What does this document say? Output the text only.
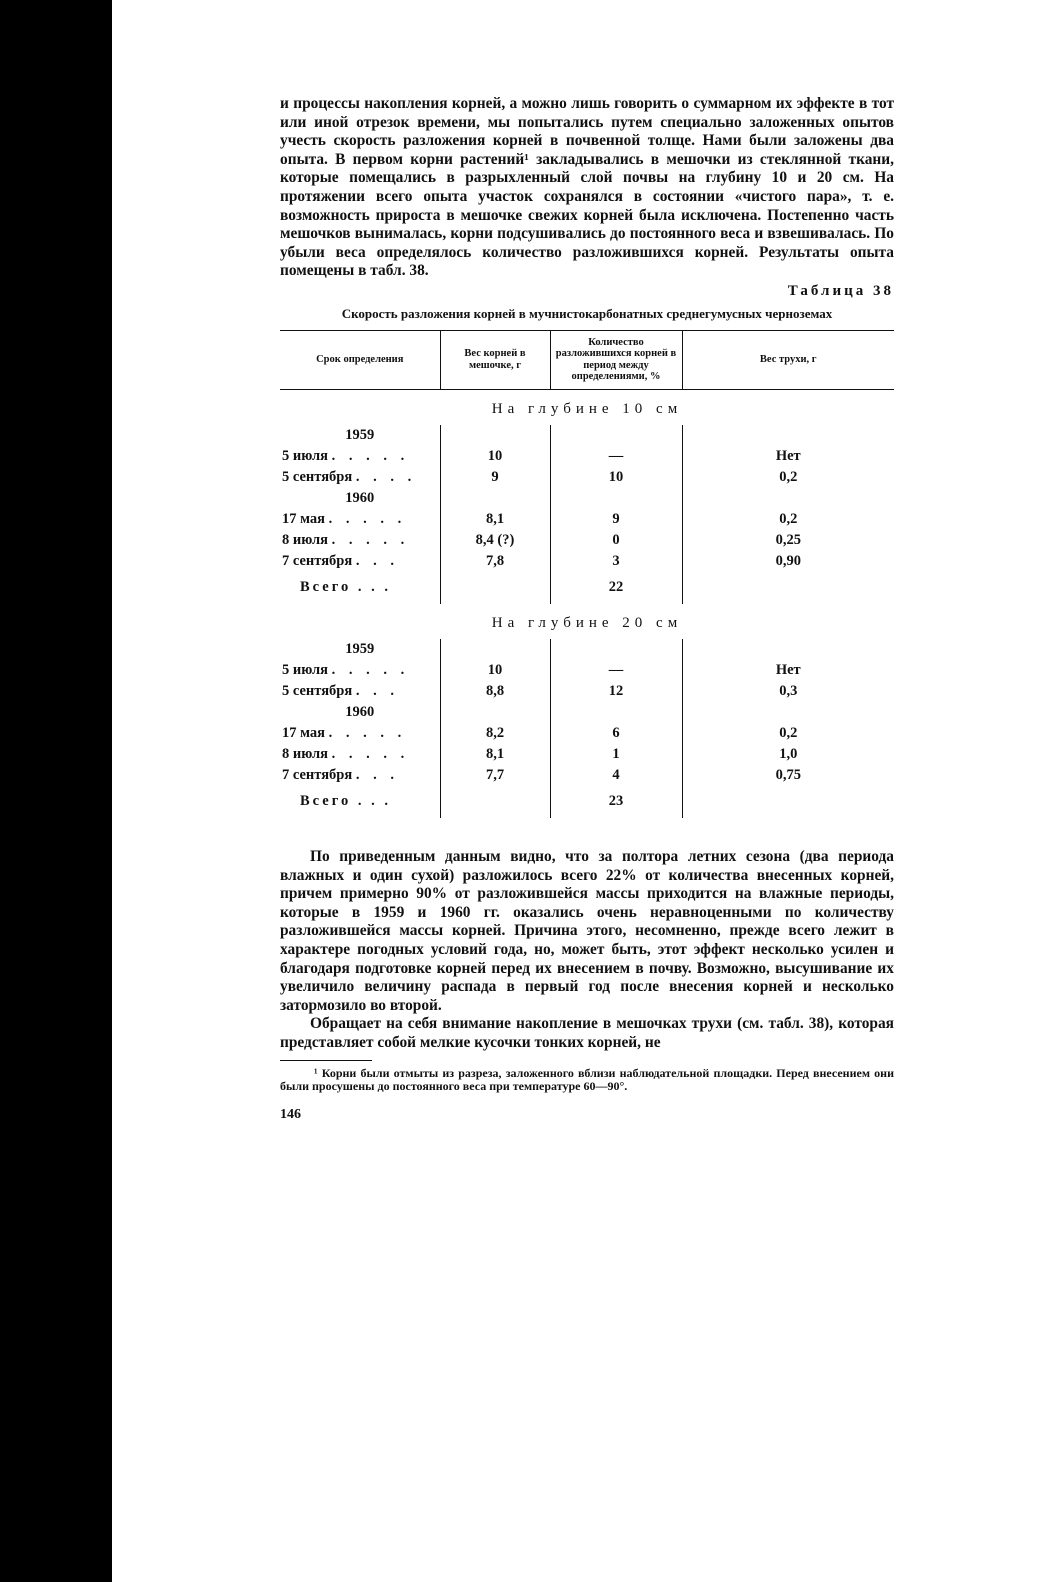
и процессы накопления корней, а можно лишь говорить о суммарном их эффекте в тот или иной отрезок времени, мы попытались путем специально заложенных опытов учесть скорость разложения корней в почвенной толще. Нами были заложены два опыта. В первом корни растений¹ закладывались в мешочки из стеклянной ткани, которые помещались в разрыхленный слой почвы на глубину 10 и 20 см. На протяжении всего опыта участок сохранялся в состоянии «чистого пара», т. е. возможность прироста в мешочке свежих корней была исключена. Постепенно часть мешочков вынималась, корни подсушивались до постоянного веса и взвешивалась. По убыли веса определялось количество разложившихся корней. Результаты опыта помещены в табл. 38.

Таблица 38
Скорость разложения корней в мучнистокарбонатных среднегумусных черноземах
Срок определения	Вес корней в мешочке, г	Количество разложившихся корней в период между определениями, %	Вес трухи, г
На глубине 10 см			
1959			
5 июля . . . . .	10	—	Нет
5 сентября . . . .	9	10	0,2
1960			
17 мая . . . . .	8,1	9	0,2
8 июля . . . . .	8,4 (?)	0	0,25
7 сентября . . .	7,8	3	0,90
Всего . . .		22	
На глубине 20 см			
1959			
5 июля . . . . .	10	—	Нет
5 сентября . . .	8,8	12	0,3
1960			
17 мая . . . . .	8,2	6	0,2
8 июля . . . . .	8,1	1	1,0
7 сентября . . .	7,7	4	0,75
Всего . . .		23	

По приведенным данным видно, что за полтора летних сезона (два периода влажных и один сухой) разложилось всего 22% от количества внесенных корней, причем примерно 90% от разложившейся массы приходится на влажные периоды, которые в 1959 и 1960 гг. оказались очень неравноценными по количеству разложившейся массы корней. Причина этого, несомненно, прежде всего лежит в характере погодных условий года, но, может быть, этот эффект несколько усилен и благодаря подготовке корней перед их внесением в почву. Возможно, высушивание их увеличило величину распада в первый год после внесения корней и несколько затормозило во второй.

Обращает на себя внимание накопление в мешочках трухи (см. табл. 38), которая представляет собой мелкие кусочки тонких корней, не

¹ Корни были отмыты из разреза, заложенного вблизи наблюдательной площадки. Перед внесением они были просушены до постоянного веса при температуре 60—90°.

146
